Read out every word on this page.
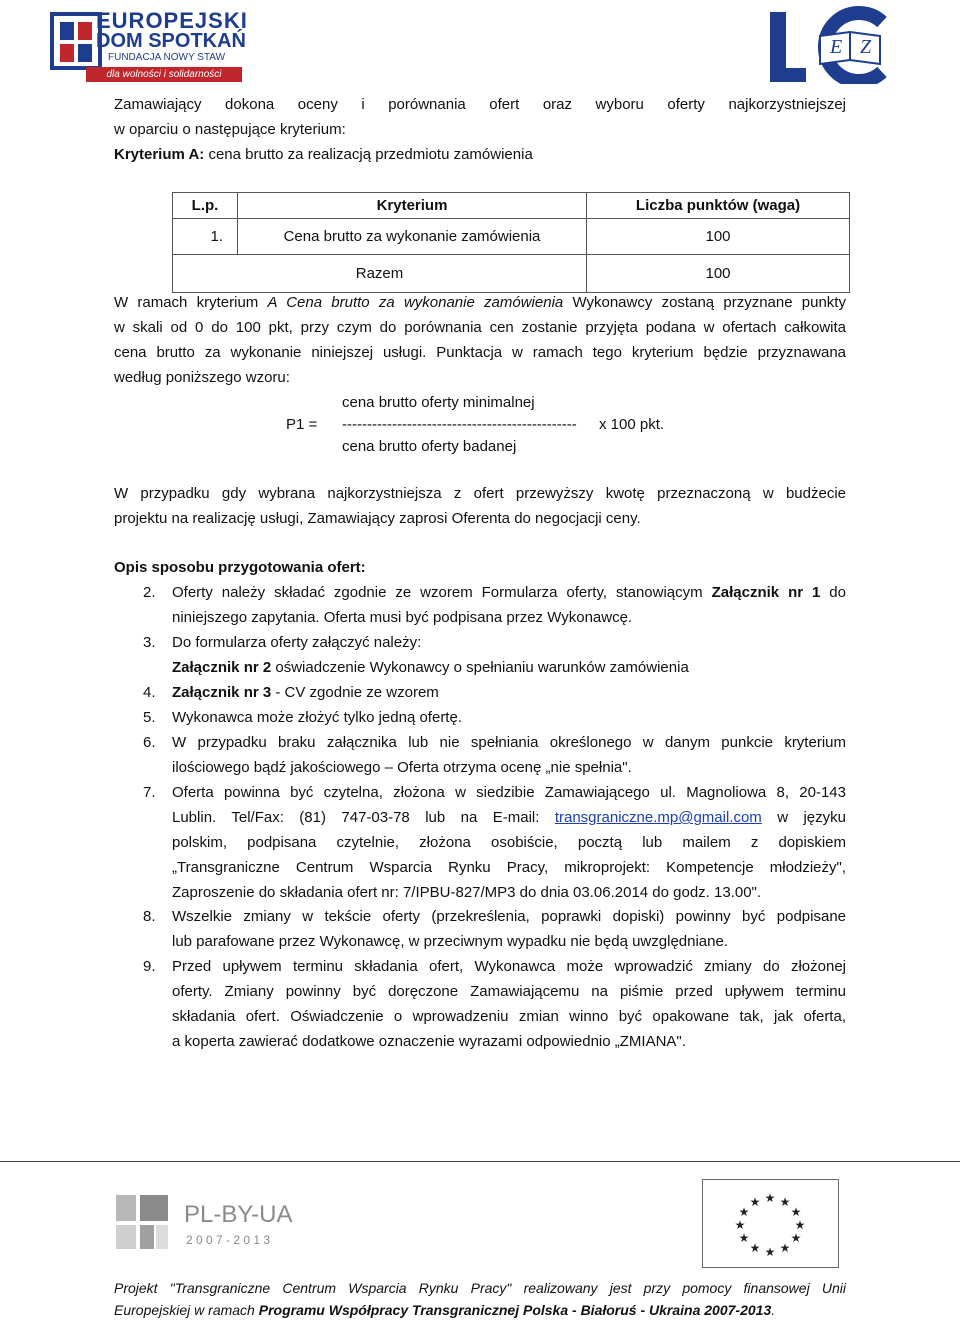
EUROPEJSKI
DOM SPOTKAŃ
FUNDACJA NOWY STAW
dla wolności i solidarności
E Z
Zamawiający dokona oceny i porównania ofert oraz wyboru oferty najkorzystniejszej
w oparciu o następujące kryterium:
Kryterium A: cena brutto za realizacją przedmiotu zamówienia
L.p.	Kryterium	Liczba punktów (waga)
1.	Cena brutto za wykonanie zamówienia	100
Razem		100
W ramach kryterium A Cena brutto za wykonanie zamówienia Wykonawcy zostaną przyznane punkty
w skali od 0 do 100 pkt, przy czym do porównania cen zostanie przyjęta podana w ofertach całkowita
cena brutto za wykonanie niniejszej usługi. Punktacja w ramach tego kryterium będzie przyznawana
według poniższego wzoru:
cena brutto oferty minimalnej
P1 = ----------------------------------------------- x 100 pkt.
cena brutto oferty badanej
W przypadku gdy wybrana najkorzystniejsza z ofert przewyższy kwotę przeznaczoną w budżecie
projektu na realizację usługi, Zamawiający zaprosi Oferenta do negocjacji ceny.
Opis sposobu przygotowania ofert:
2.	Oferty należy składać zgodnie ze wzorem Formularza oferty, stanowiącym Załącznik nr 1 do
niniejszego zapytania. Oferta musi być podpisana przez Wykonawcę.
3.	Do formularza oferty załączyć należy:
Załącznik nr 2 oświadczenie Wykonawcy o spełnianiu warunków zamówienia
4.	Załącznik nr 3 - CV zgodnie ze wzorem
5.	Wykonawca może złożyć tylko jedną ofertę.
6.	W przypadku braku załącznika lub nie spełniania określonego w danym punkcie kryterium
ilościowego bądź jakościowego – Oferta otrzyma ocenę „nie spełnia".
7.	Oferta powinna być czytelna, złożona w siedzibie Zamawiającego ul. Magnoliowa 8, 20-143
Lublin. Tel/Fax: (81) 747-03-78 lub na E-mail: transgraniczne.mp@gmail.com w języku
polskim, podpisana czytelnie, złożona osobiście, pocztą lub mailem z dopiskiem
„Transgraniczne Centrum Wsparcia Rynku Pracy, mikroprojekt: Kompetencje młodzieży",
Zaproszenie do składania ofert nr: 7/IPBU-827/MP3 do dnia 03.06.2014 do godz. 13.00".
8.	Wszelkie zmiany w tekście oferty (przekreślenia, poprawki dopiski) powinny być podpisane
lub parafowane przez Wykonawcę, w przeciwnym wypadku nie będą uwzględniane.
9.	Przed upływem terminu składania ofert, Wykonawca może wprowadzić zmiany do złożonej
oferty. Zmiany powinny być doręczone Zamawiającemu na piśmie przed upływem terminu
składania ofert. Oświadczenie o wprowadzeniu zmian winno być opakowane tak, jak oferta,
a koperta zawierać dodatkowe oznaczenie wyrazami odpowiednio „ZMIANA".
PL-BY-UA
2 0 0 7 - 2 0 1 3
★ ★
★
★
★
★
★
★
★
★
★
★
Projekt "Transgraniczne Centrum Wsparcia Rynku Pracy" realizowany jest przy pomocy finansowej Unii
Europejskiej w ramach Programu Współpracy Transgranicznej Polska - Białoruś - Ukraina 2007-2013.
